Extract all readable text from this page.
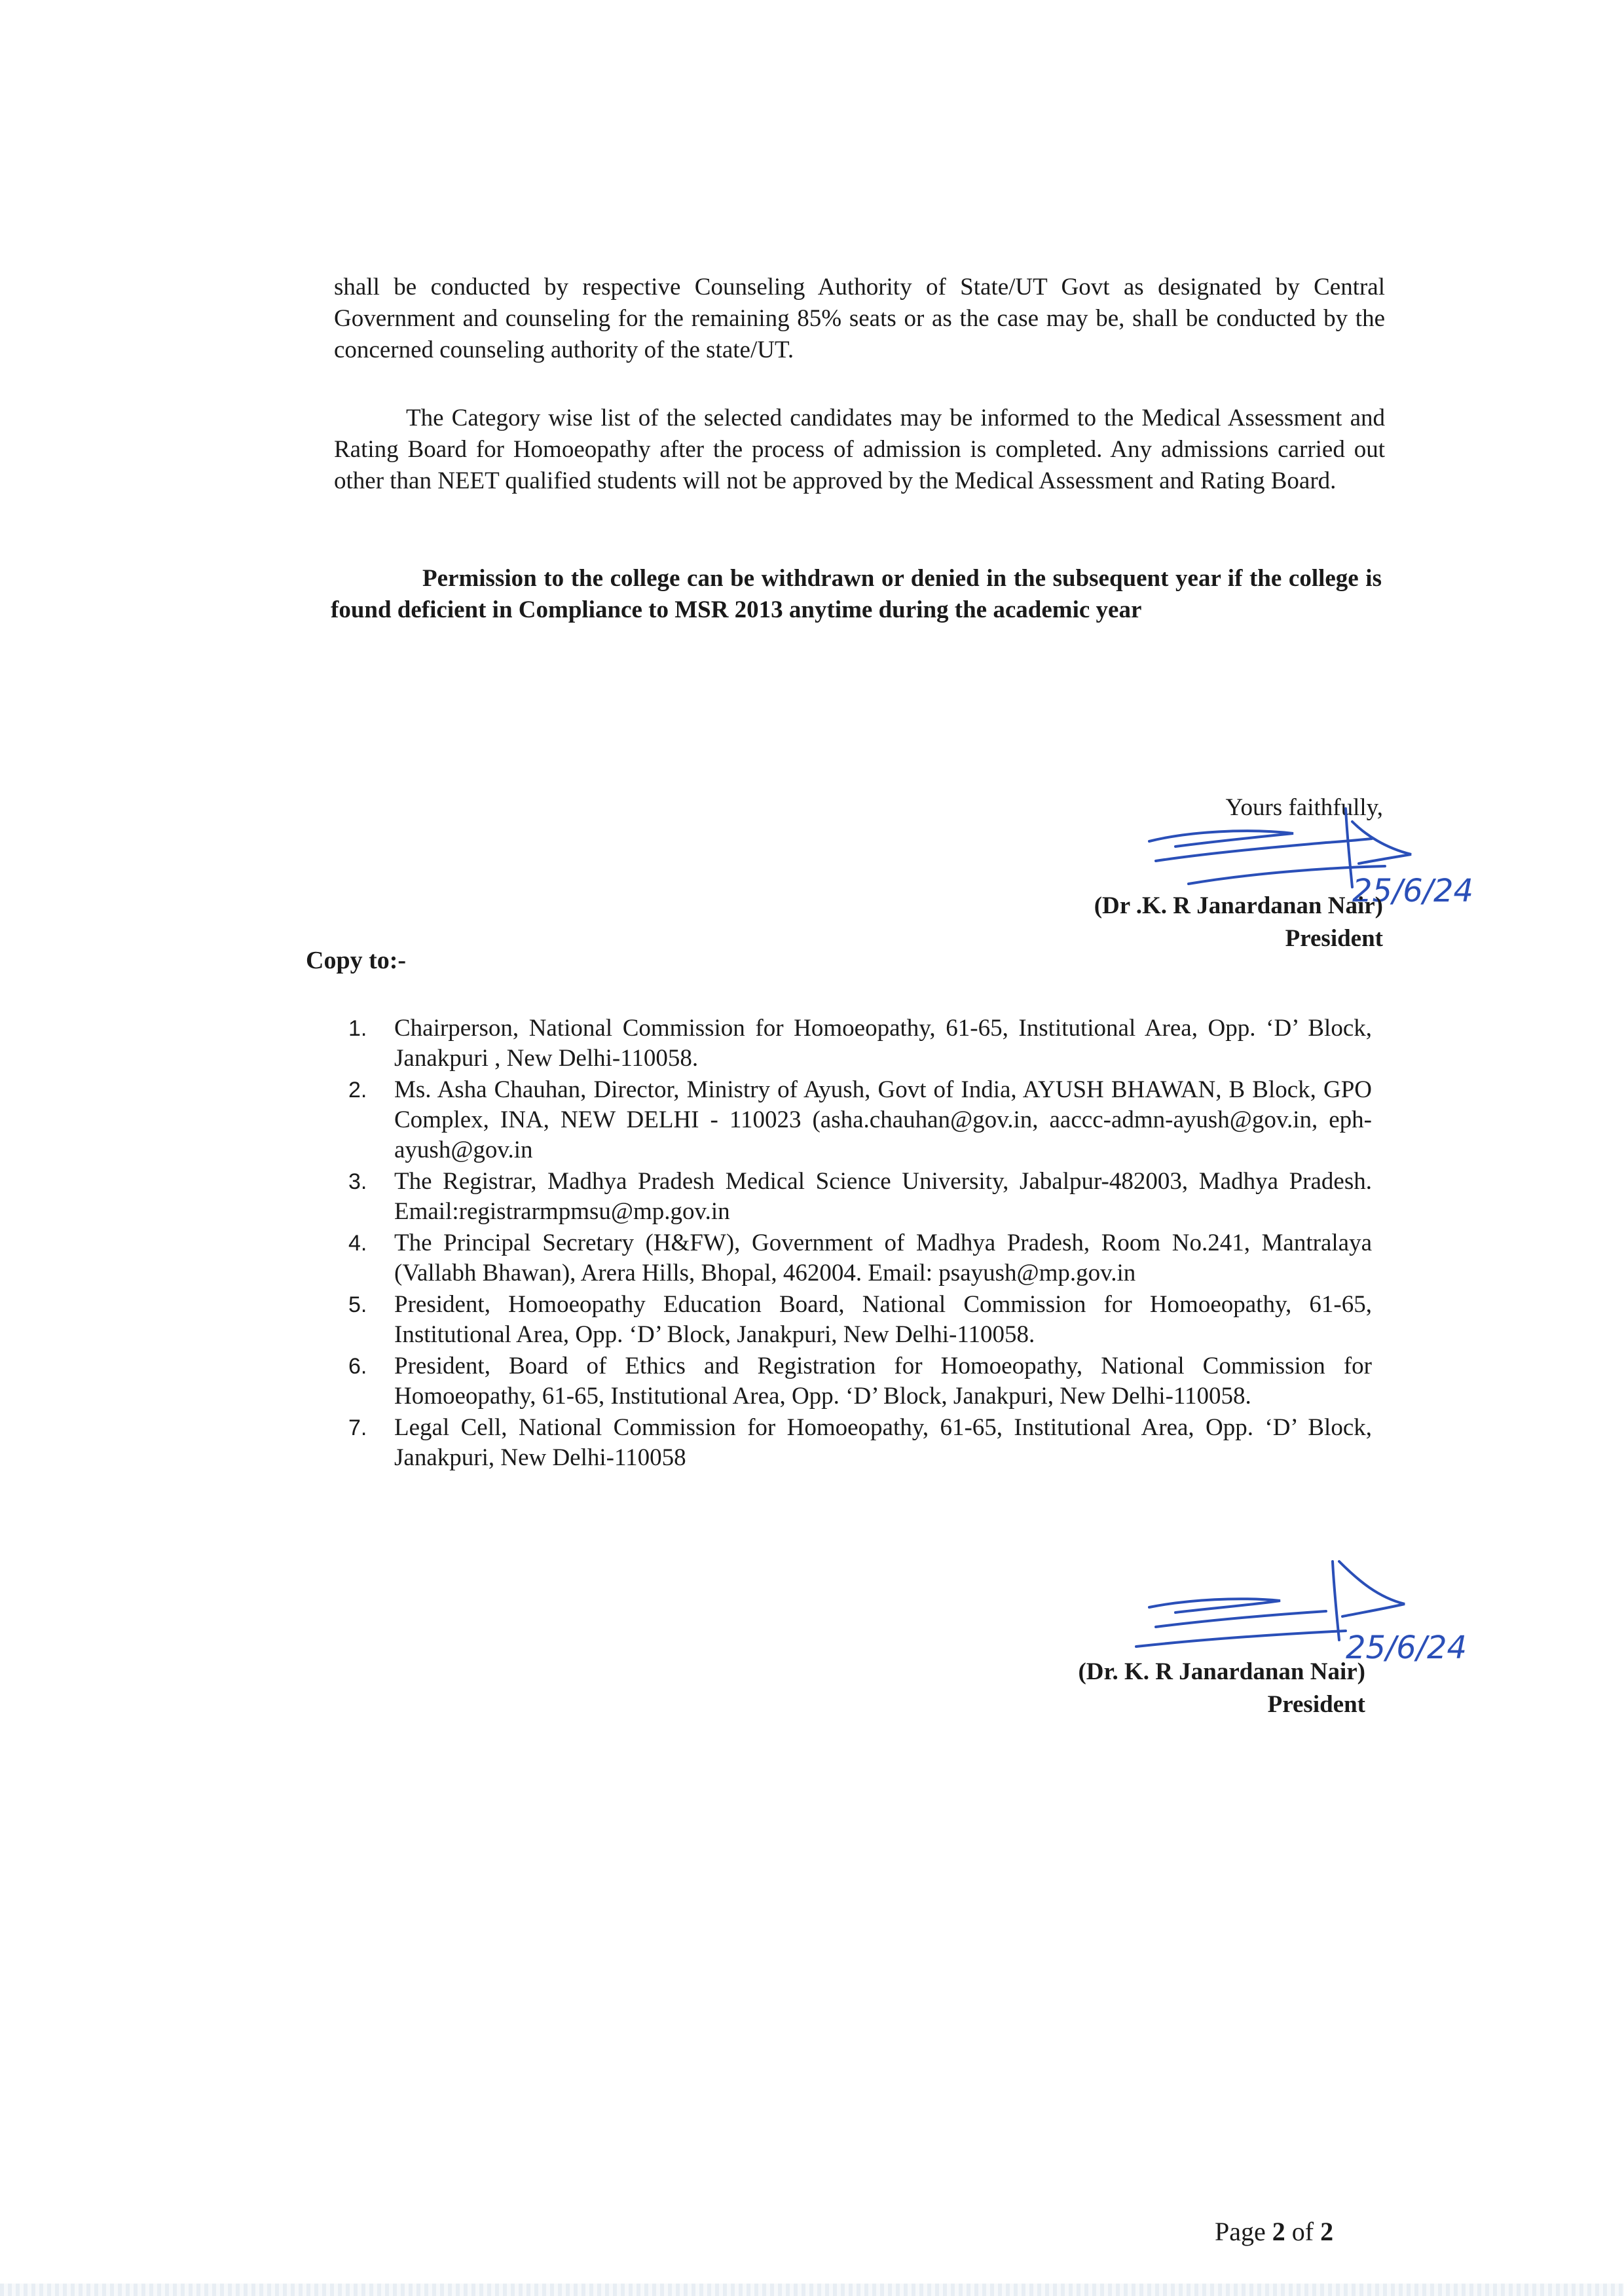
shall be conducted by respective Counseling Authority of State/UT Govt as designated by Central Government and counseling for the remaining 85% seats or as the case may be, shall be conducted by the concerned counseling authority of the state/UT.

The Category wise list of the selected candidates may be informed to the Medical Assessment and Rating Board for Homoeopathy after the process of admission is completed. Any admissions carried out other than NEET qualified students will not be approved by the Medical Assessment and Rating Board.

Permission to the college can be withdrawn or denied in the subsequent year if the college is found deficient in Compliance to MSR 2013 anytime during the academic year

Yours faithfully,
25/6/24
(Dr .K. R Janardanan Nair)
President
Copy to:-
1. Chairperson, National Commission for Homoeopathy, 61-65, Institutional Area, Opp. ‘D’ Block, Janakpuri , New Delhi-110058.
2. Ms. Asha Chauhan, Director, Ministry of Ayush, Govt of India, AYUSH BHAWAN, B Block, GPO Complex, INA, NEW DELHI - 110023 (asha.chauhan@gov.in, aaccc-admn-ayush@gov.in, eph-ayush@gov.in
3. The Registrar, Madhya Pradesh Medical Science University, Jabalpur-482003, Madhya Pradesh. Email:registrarmpmsu@mp.gov.in
4. The Principal Secretary (H&FW), Government of Madhya Pradesh, Room No.241, Mantralaya (Vallabh Bhawan), Arera Hills, Bhopal, 462004. Email: psayush@mp.gov.in
5. President, Homoeopathy Education Board, National Commission for Homoeopathy, 61-65, Institutional Area, Opp. ‘D’ Block, Janakpuri, New Delhi-110058.
6. President, Board of Ethics and Registration for Homoeopathy, National Commission for Homoeopathy, 61-65, Institutional Area, Opp. ‘D’ Block, Janakpuri, New Delhi-110058.
7. Legal Cell, National Commission for Homoeopathy, 61-65, Institutional Area, Opp. ‘D’ Block, Janakpuri, New Delhi-110058
25/6/24
(Dr. K. R Janardanan Nair)
President
Page 2 of 2
